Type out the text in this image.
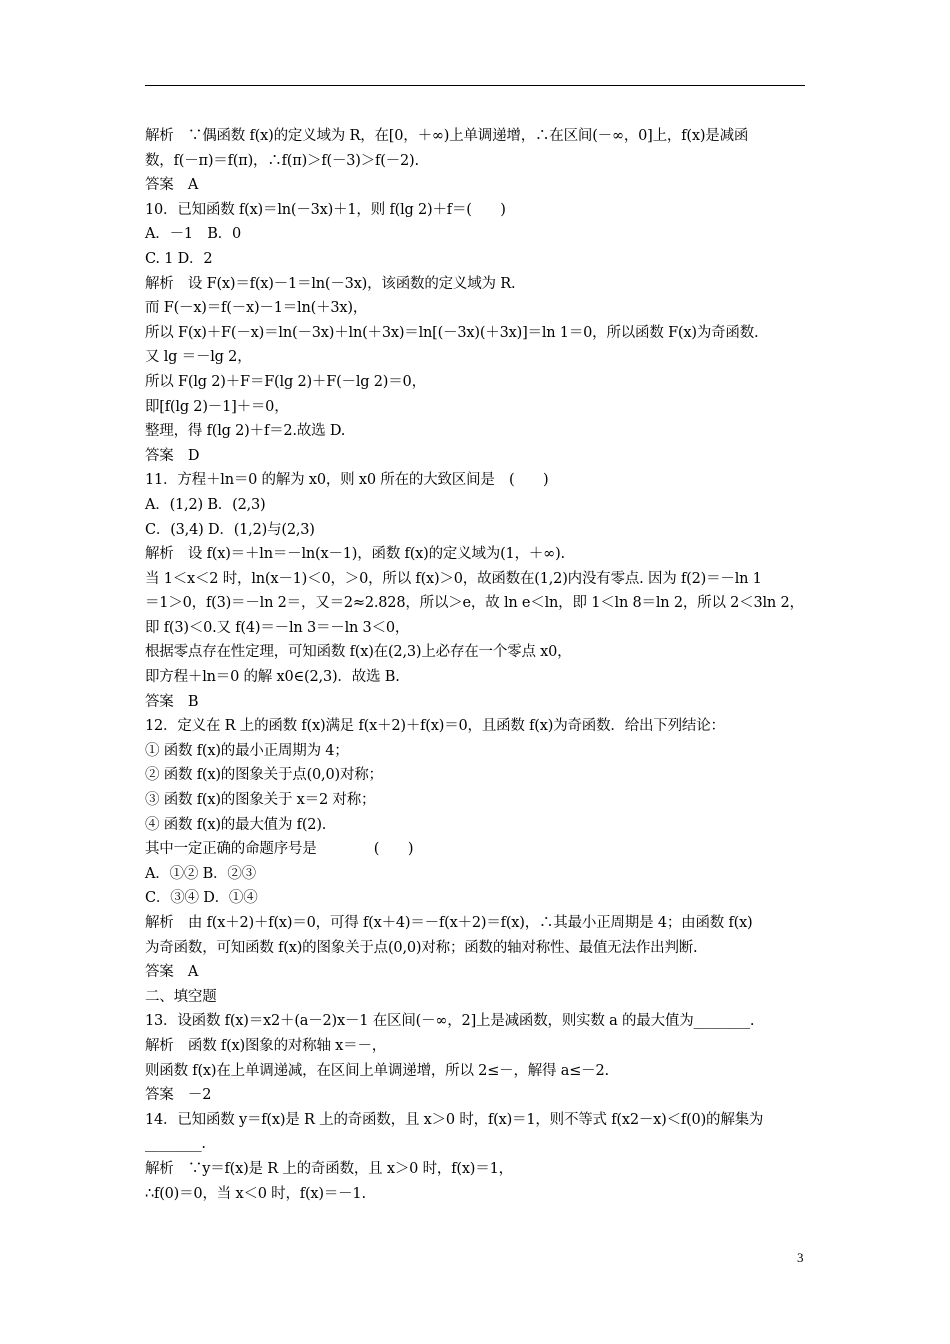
解析　∵偶函数 f(x)的定义域为 R，在[0，＋∞)上单调递增，∴在区间(－∞，0]上，f(x)是减函
数，f(－π)＝f(π)，∴f(π)＞f(－3)＞f(－2).
答案　A
10．已知函数 f(x)＝ln(－3x)＋1，则 f(lg 2)＋f＝(　　)
A．－1　B．0
C. 1 D．2
解析　设 F(x)＝f(x)－1＝ln(－3x)，该函数的定义域为 R.
而 F(－x)＝f(－x)－1＝ln(＋3x)，
所以 F(x)＋F(－x)＝ln(－3x)＋ln(＋3x)＝ln[(－3x)(＋3x)]＝ln 1＝0，所以函数 F(x)为奇函数.
又 lg ＝－lg 2，
所以 F(lg 2)＋F＝F(lg 2)＋F(－lg 2)＝0，
即[f(lg 2)－1]＋＝0，
整理，得 f(lg 2)＋f＝2.故选 D.
答案　D
11．方程＋ln＝0 的解为 x0，则 x0 所在的大致区间是　(　　)
A．(1,2) B．(2,3)
C．(3,4) D．(1,2)与(2,3)
解析　设 f(x)＝＋ln＝－ln(x－1)，函数 f(x)的定义域为(1，＋∞).
当 1＜x＜2 时，ln(x－1)＜0，＞0，所以 f(x)＞0，故函数在(1,2)内没有零点. 因为 f(2)＝－ln 1
＝1＞0，f(3)＝－ln 2＝，又＝2≈2.828，所以＞e，故 ln e＜ln，即 1＜ln 8＝ln 2，所以 2＜3ln 2，
即 f(3)＜0.又 f(4)＝－ln 3＝－ln 3＜0，
根据零点存在性定理，可知函数 f(x)在(2,3)上必存在一个零点 x0，
即方程＋ln＝0 的解 x0∈(2,3)．故选 B.
答案　B
12．定义在 R 上的函数 f(x)满足 f(x＋2)＋f(x)＝0，且函数 f(x)为奇函数．给出下列结论：
① 函数 f(x)的最小正周期为 4；
② 函数 f(x)的图象关于点(0,0)对称；
③ 函数 f(x)的图象关于 x＝2 对称；
④ 函数 f(x)的最大值为 f(2).
其中一定正确的命题序号是　　　　(　　)
A．①② B．②③
C．③④ D．①④
解析　由 f(x＋2)＋f(x)＝0，可得 f(x＋4)＝－f(x＋2)＝f(x)，∴其最小正周期是 4；由函数 f(x)
为奇函数，可知函数 f(x)的图象关于点(0,0)对称；函数的轴对称性、最值无法作出判断.
答案　A
二、填空题
13．设函数 f(x)＝x2＋(a－2)x－1 在区间(－∞，2]上是减函数，则实数 a 的最大值为________.
解析　函数 f(x)图象的对称轴 x＝－，
则函数 f(x)在上单调递减，在区间上单调递增，所以 2≤－，解得 a≤－2.
答案　－2
14．已知函数 y＝f(x)是 R 上的奇函数，且 x＞0 时，f(x)＝1，则不等式 f(x2－x)＜f(0)的解集为
________.
解析　∵y＝f(x)是 R 上的奇函数，且 x＞0 时，f(x)＝1，
∴f(0)＝0，当 x＜0 时，f(x)＝－1.
3
